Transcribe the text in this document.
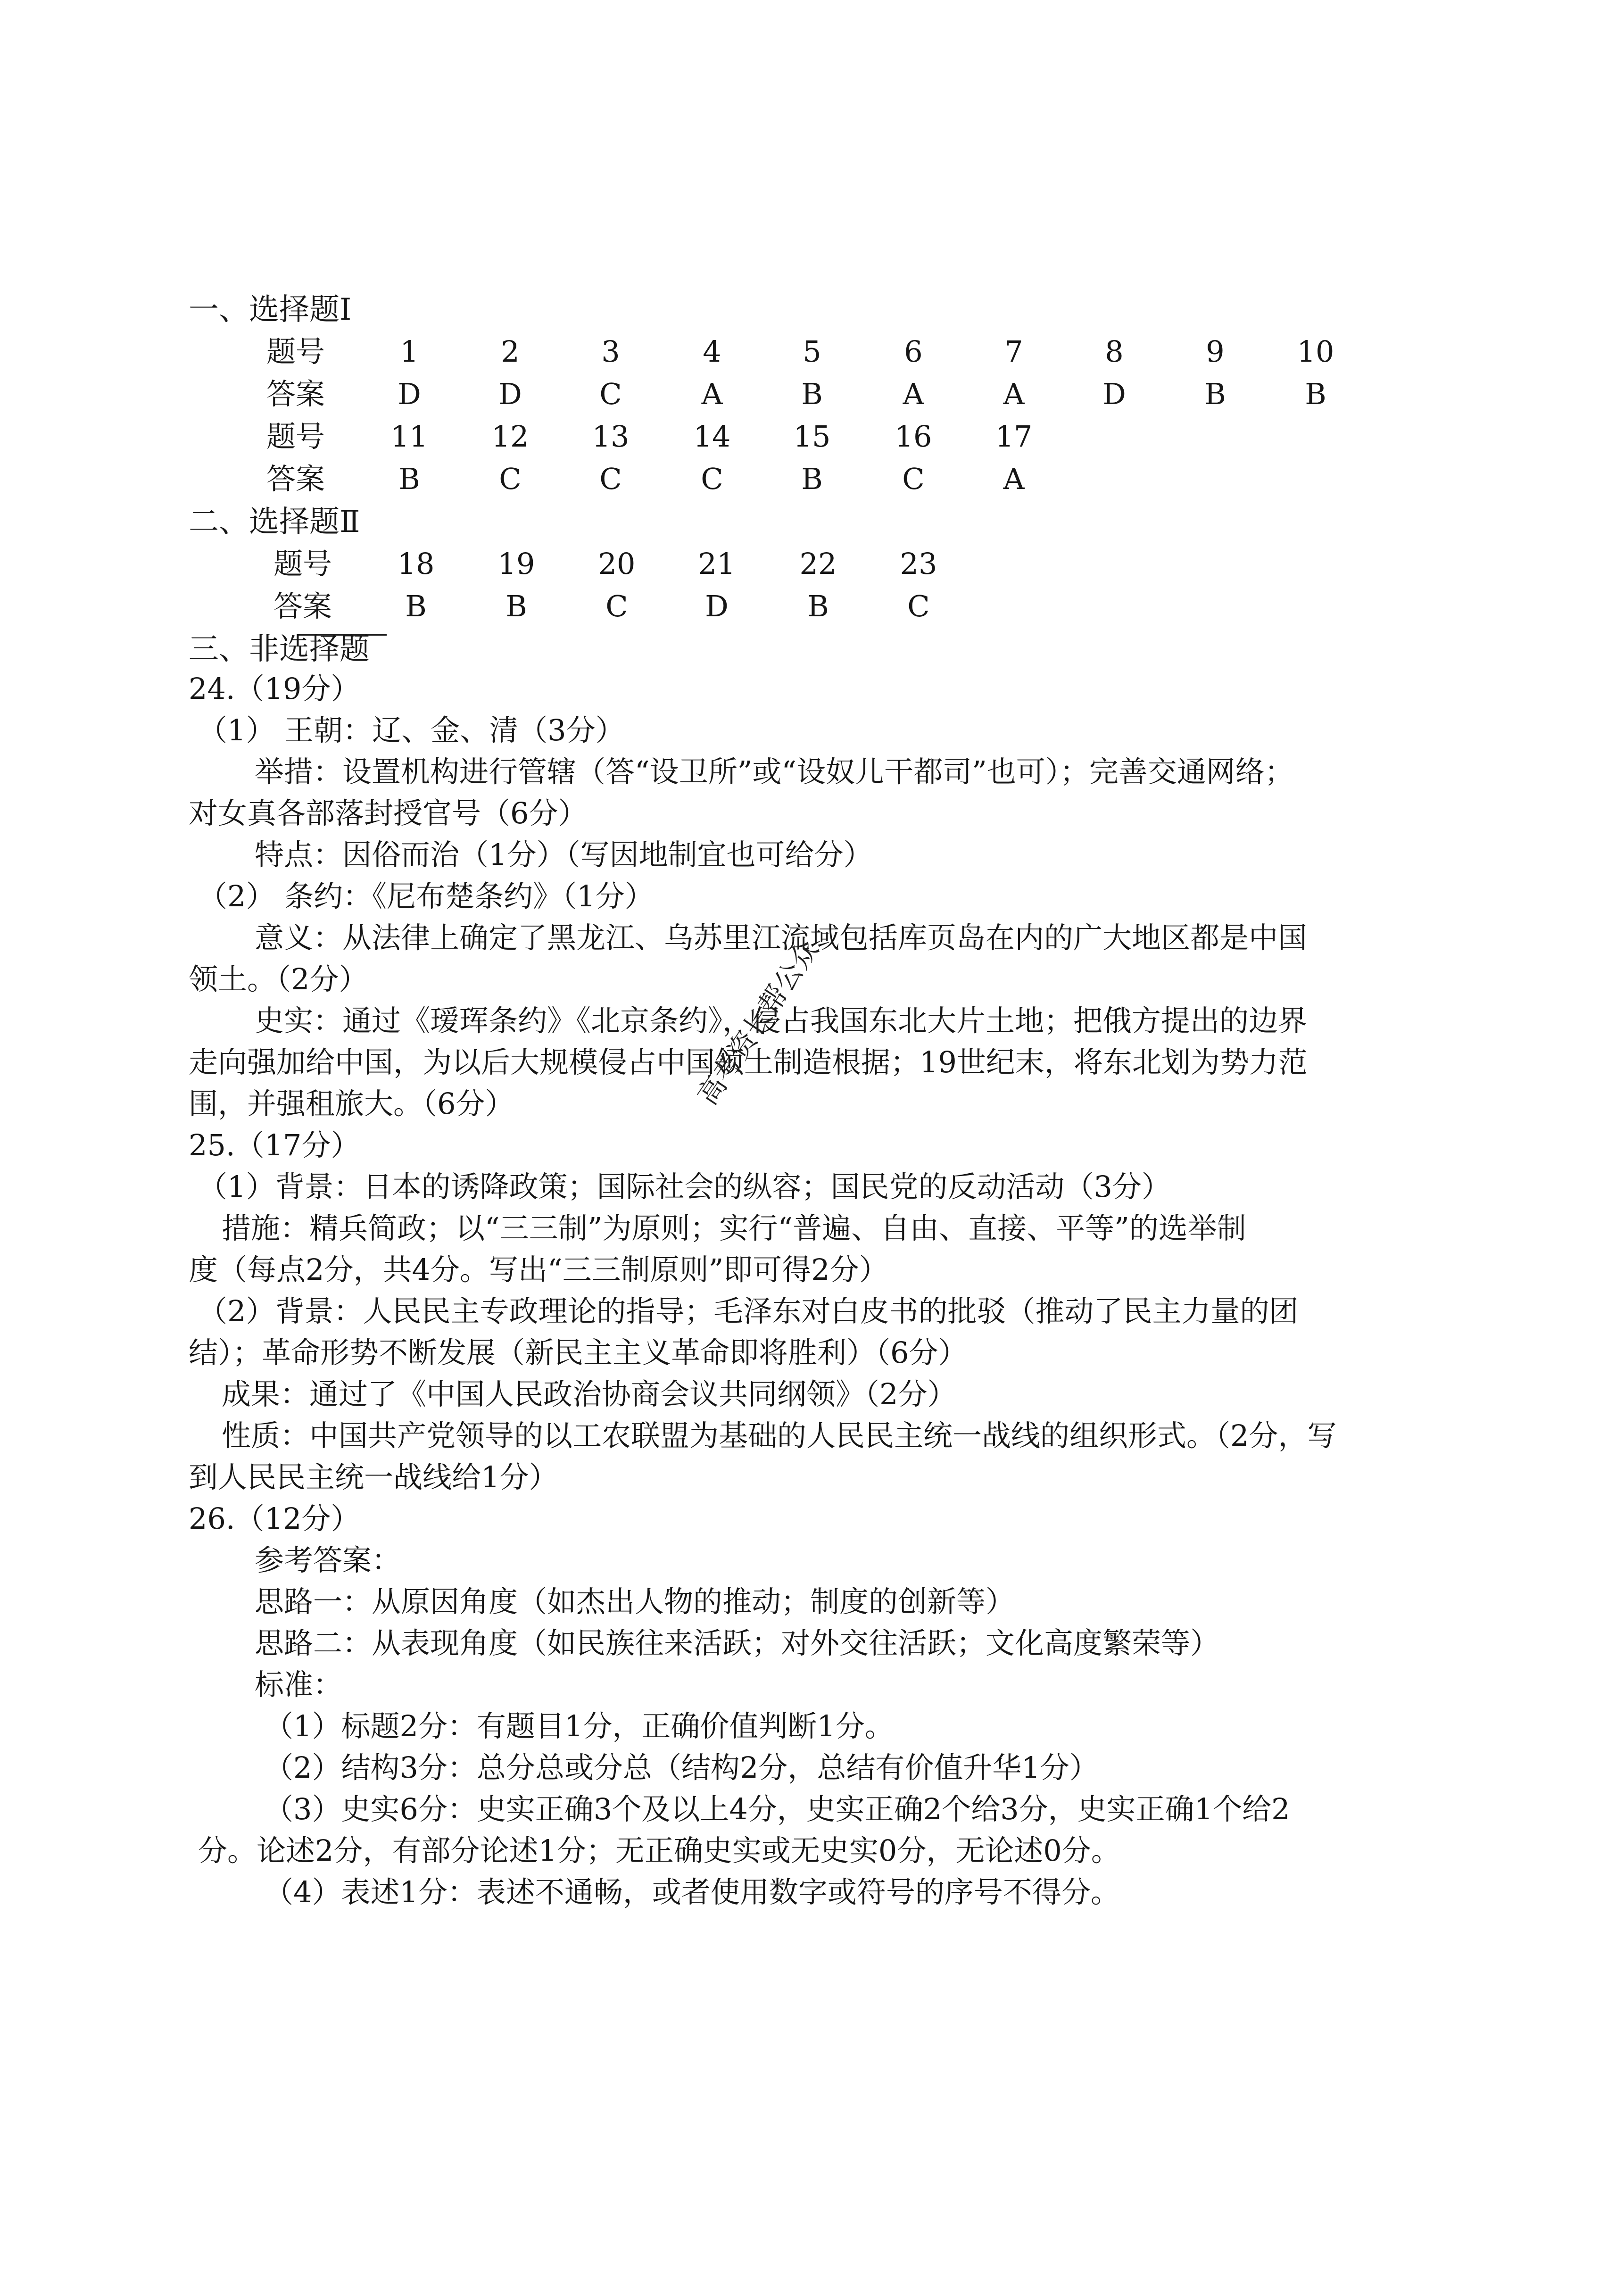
一、选择题Ⅰ
题号	1	2	3	4	5	6	7	8	9 10
答案 D	D	C	A	B	A	A	D	B	B
题号 11 12 13 14 15 16 17
答案	B	C	C	C	B	C	A
二、选择题Ⅱ
题号 18 19 20 21 22 23
答案	B	B	C	D	B	C
三、非选择题
24.（19分）
（1） 王朝：辽、金、清（3分）
举措：设置机构进行管辖（答“设卫所”或“设奴儿干都司”也可）；完善交通网络；
对女真各部落封授官号（6分）
特点：因俗而治（1分）（写因地制宜也可给分）
（2） 条约：《尼布楚条约》（1分）
意义：从法律上确定了黑龙江、乌苏里江流域包括库页岛在内的广大地区都是中国
领土。（2分）
史实：通过《瑷珲条约》《北京条约》，侵占我国东北大片土地；把俄方提出的边界
走向强加给中国，为以后大规模侵占中国领土制造根据；19世纪末，将东北划为势力范
围，并强租旅大。（6分）
25.（17分）
（1）背景：日本的诱降政策；国际社会的纵容；国民党的反动活动（3分）
措施：精兵简政；以“三三制”为原则；实行“普遍、自由、直接、平等”的选举制
度（每点2分，共4分。写出“三三制原则”即可得2分）
（2）背景：人民民主专政理论的指导；毛泽东对白皮书的批驳（推动了民主力量的团
结）；革命形势不断发展（新民主主义革命即将胜利）（6分）
成果：通过了《中国人民政治协商会议共同纲领》（2分）
性质：中国共产党领导的以工农联盟为基础的人民民主统一战线的组织形式。（2分，写
到人民民主统一战线给1分）
26.（12分）
参考答案：
思路一：从原因角度（如杰出人物的推动；制度的创新等）
思路二：从表现角度（如民族往来活跃；对外交往活跃；文化高度繁荣等）
标准：
（1）标题2分：有题目1分，正确价值判断1分。
（2）结构3分：总分总或分总（结构2分，总结有价值升华1分）
（3）史实6分：史实正确3个及以上4分，史实正确2个给3分，史实正确1个给2
分。论述2分，有部分论述1分；无正确史实或无史实0分，无论述0分。
（4）表述1分：表述不通畅，或者使用数字或符号的序号不得分。
高考资长帮公众
